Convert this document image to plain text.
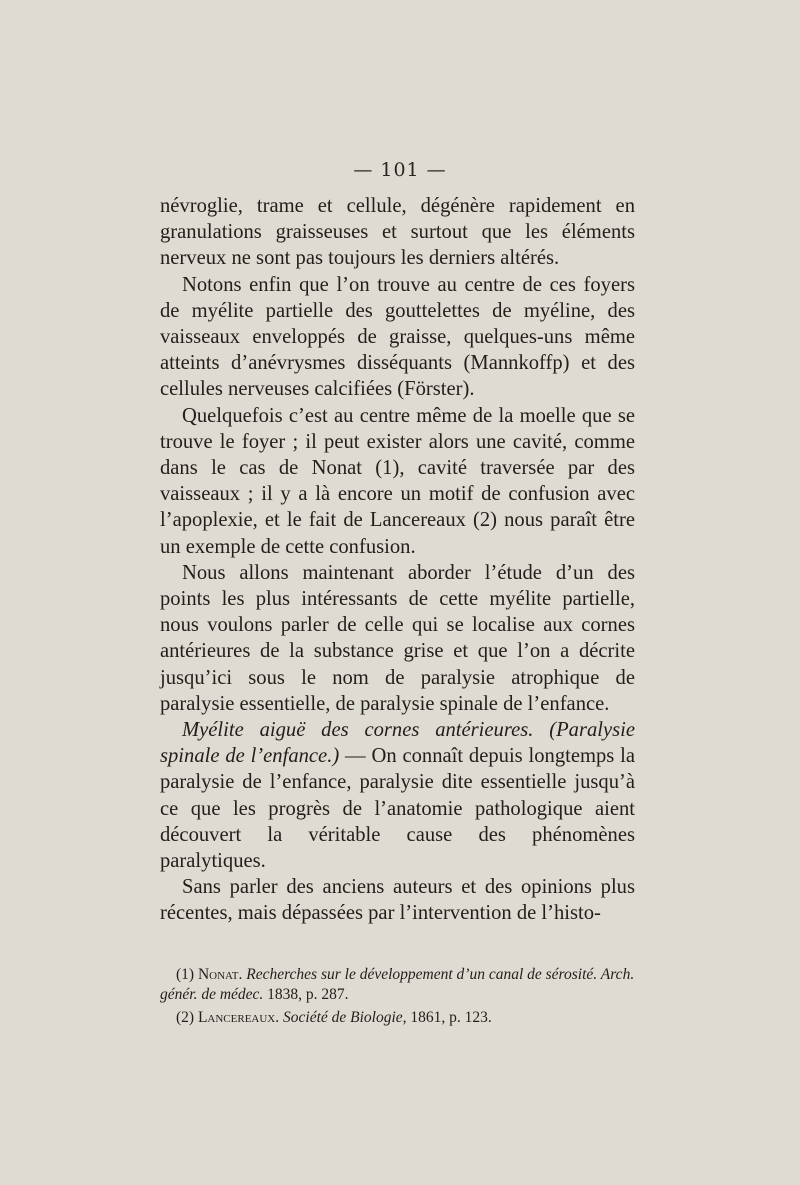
— 101 —

névroglie, trame et cellule, dégénère rapidement en granulations graisseuses et surtout que les éléments nerveux ne sont pas toujours les derniers altérés.

Notons enfin que l’on trouve au centre de ces foyers de myélite partielle des gouttelettes de myéline, des vaisseaux enveloppés de graisse, quelques-uns même atteints d’anévrysmes disséquants (Mannkoffp) et des cellules nerveuses calcifiées (Förster).

Quelquefois c’est au centre même de la moelle que se trouve le foyer ; il peut exister alors une cavité, comme dans le cas de Nonat (1), cavité traversée par des vaisseaux ; il y a là encore un motif de confusion avec l’apoplexie, et le fait de Lancereaux (2) nous paraît être un exemple de cette confusion.

Nous allons maintenant aborder l’étude d’un des points les plus intéressants de cette myélite partielle, nous voulons parler de celle qui se localise aux cornes antérieures de la substance grise et que l’on a décrite jusqu’ici sous le nom de paralysie atrophique de paralysie essentielle, de paralysie spinale de l’enfance.

Myélite aiguë des cornes antérieures. (Paralysie spinale de l’enfance.) — On connaît depuis longtemps la paralysie de l’enfance, paralysie dite essentielle jusqu’à ce que les progrès de l’anatomie pathologique aient découvert la véritable cause des phénomènes paralytiques.

Sans parler des anciens auteurs et des opinions plus récentes, mais dépassées par l’intervention de l’histo-

(1) Nonat. Recherches sur le développement d’un canal de sérosité. Arch. génér. de médec. 1838, p. 287.

(2) Lancereaux. Société de Biologie, 1861, p. 123.
